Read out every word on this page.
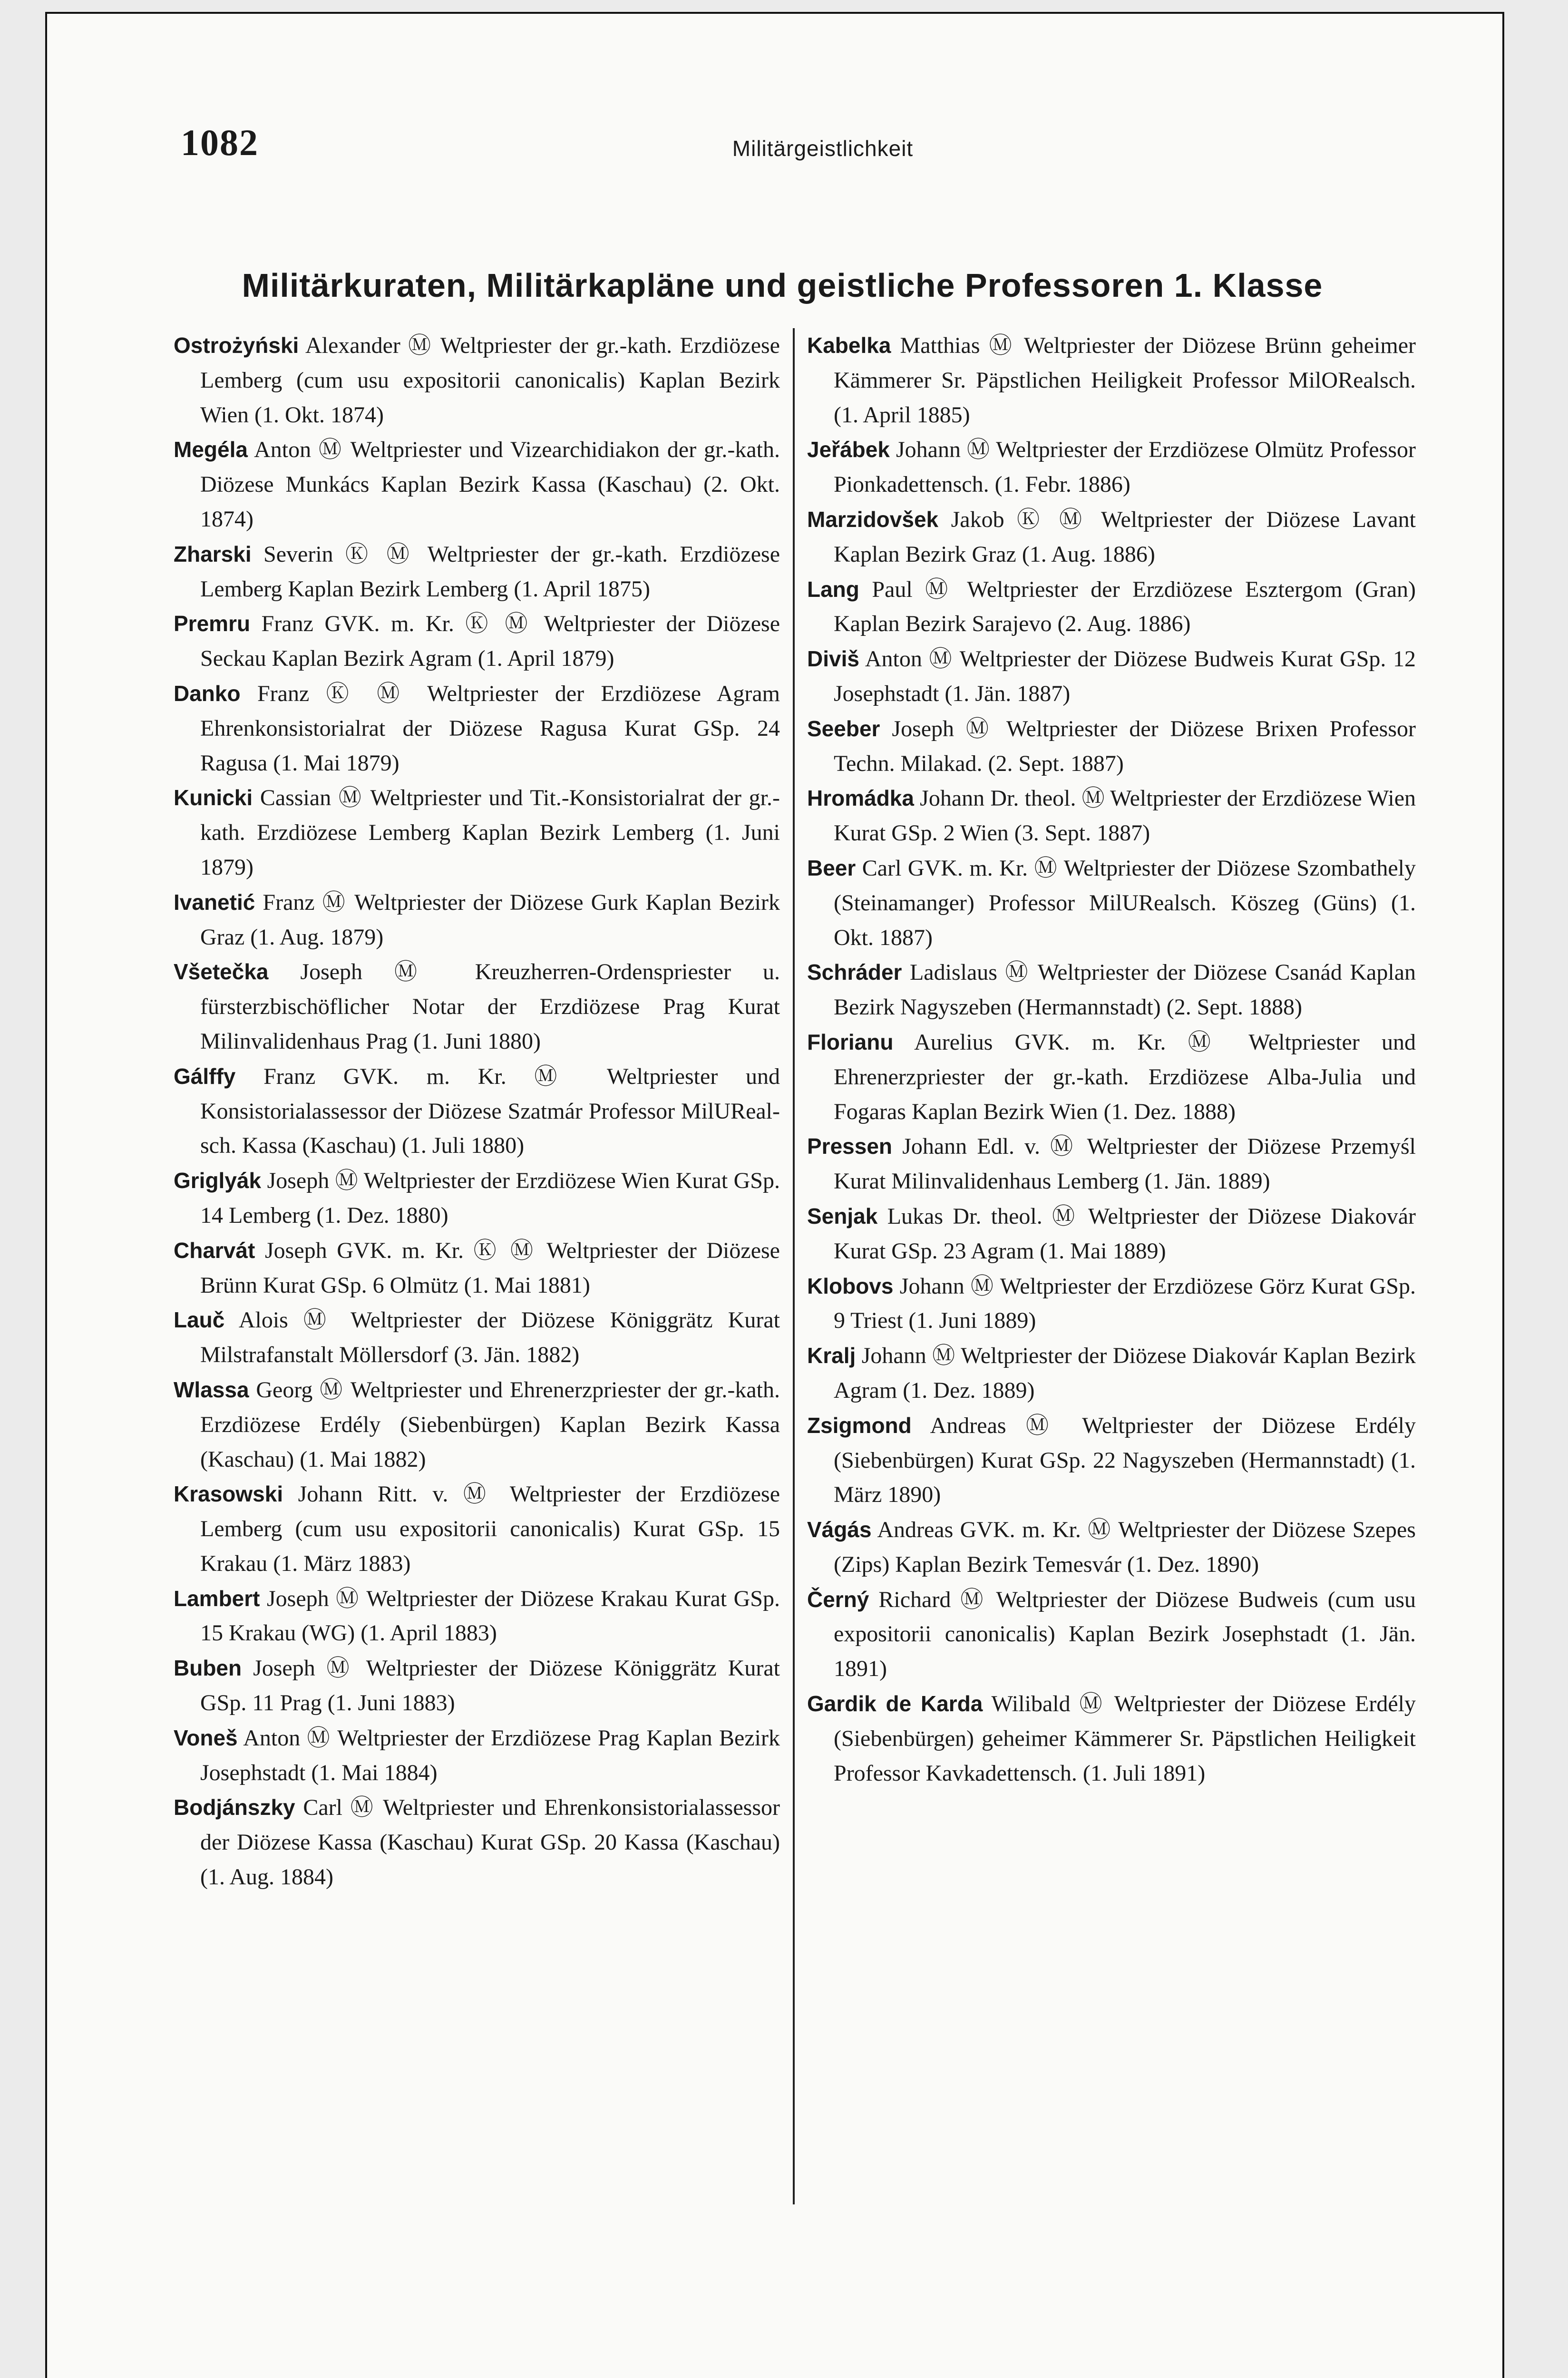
1082	Militärgeistlichkeit
Militärkuraten, Militärkapläne und geistliche Professoren 1. Klasse

Ostrożyński Alexander Ⓜ Weltpriester der gr.-kath. Erzdiözese Lemberg (cum usu expositorii canonicalis) Kaplan Bezirk Wien (1. Okt. 1874)

Megéla Anton Ⓜ Weltpriester und Vizearchidiakon der gr.-kath. Diözese Munkács Kaplan Bezirk Kassa (Kaschau) (2. Okt. 1874)

Zharski Severin Ⓚ Ⓜ Weltpriester der gr.-kath. Erzdiözese Lemberg Kaplan Bezirk Lemberg (1. April 1875)

Premru Franz GVK. m. Kr. Ⓚ Ⓜ Weltpriester der Diözese Seckau Kaplan Bezirk Agram (1. April 1879)

Danko Franz Ⓚ Ⓜ Weltpriester der Erzdiözese Agram Ehrenkonsistorialrat der Diözese Ragusa Kurat GSp. 24 Ragusa (1. Mai 1879)

Kunicki Cassian Ⓜ Weltpriester und Tit.-Konsistorialrat der gr.-kath. Erzdiözese Lemberg Kaplan Bezirk Lemberg (1. Juni 1879)

Ivanetić Franz Ⓜ Weltpriester der Diözese Gurk Kaplan Bezirk Graz (1. Aug. 1879)

Všetečka Joseph Ⓜ Kreuzherren-Ordenspriester u. fürsterzbischöflicher Notar der Erzdiözese Prag Kurat Milinvalidenhaus Prag (1. Juni 1880)

Gálffy Franz GVK. m. Kr. Ⓜ Weltpriester und Konsistorialassessor der Diözese Szatmár Professor MilURealsch. Kassa (Kaschau) (1. Juli 1880)

Griglyák Joseph Ⓜ Weltpriester der Erzdiözese Wien Kurat GSp. 14 Lemberg (1. Dez. 1880)

Charvát Joseph GVK. m. Kr. Ⓚ Ⓜ Weltpriester der Diözese Brünn Kurat GSp. 6 Olmütz (1. Mai 1881)

Lauč Alois Ⓜ Weltpriester der Diözese Königgrätz Kurat Milstrafanstalt Möllersdorf (3. Jän. 1882)

Wlassa Georg Ⓜ Weltpriester und Ehrenerzpriester der gr.-kath. Erzdiözese Erdély (Siebenbürgen) Kaplan Bezirk Kassa (Kaschau) (1. Mai 1882)

Krasowski Johann Ritt. v. Ⓜ Weltpriester der Erzdiözese Lemberg (cum usu expositorii canonicalis) Kurat GSp. 15 Krakau (1. März 1883)

Lambert Joseph Ⓜ Weltpriester der Diözese Krakau Kurat GSp. 15 Krakau (WG) (1. April 1883)

Buben Joseph Ⓜ Weltpriester der Diözese Königgrätz Kurat GSp. 11 Prag (1. Juni 1883)

Voneš Anton Ⓜ Weltpriester der Erzdiözese Prag Kaplan Bezirk Josephstadt (1. Mai 1884)

Bodjánszky Carl Ⓜ Weltpriester und Ehrenkonsistorialassessor der Diözese Kassa (Kaschau) Kurat GSp. 20 Kassa (Kaschau) (1. Aug. 1884)

Kabelka Matthias Ⓜ Weltpriester der Diözese Brünn geheimer Kämmerer Sr. Päpstlichen Heiligkeit Professor MilORealsch. (1. April 1885)

Jeřábek Johann Ⓜ Weltpriester der Erzdiözese Olmütz Professor Pionkadettensch. (1. Febr. 1886)

Marzidovšek Jakob Ⓚ Ⓜ Weltpriester der Diözese Lavant Kaplan Bezirk Graz (1. Aug. 1886)

Lang Paul Ⓜ Weltpriester der Erzdiözese Esztergom (Gran) Kaplan Bezirk Sarajevo (2. Aug. 1886)

Diviš Anton Ⓜ Weltpriester der Diözese Budweis Kurat GSp. 12 Josephstadt (1. Jän. 1887)

Seeber Joseph Ⓜ Weltpriester der Diözese Brixen Professor Techn. Milakad. (2. Sept. 1887)

Hromádka Johann Dr. theol. Ⓜ Weltpriester der Erzdiözese Wien Kurat GSp. 2 Wien (3. Sept. 1887)

Beer Carl GVK. m. Kr. Ⓜ Weltpriester der Diözese Szombathely (Steinamanger) Professor MilURealsch. Köszeg (Güns) (1. Okt. 1887)

Schráder Ladislaus Ⓜ Weltpriester der Diözese Csanád Kaplan Bezirk Nagyszeben (Hermannstadt) (2. Sept. 1888)

Florianu Aurelius GVK. m. Kr. Ⓜ Weltpriester und Ehrenerzpriester der gr.-kath. Erzdiözese Alba-Julia und Fogaras Kaplan Bezirk Wien (1. Dez. 1888)

Pressen Johann Edl. v. Ⓜ Weltpriester der Diözese Przemyśl Kurat Milinvalidenhaus Lemberg (1. Jän. 1889)

Senjak Lukas Dr. theol. Ⓜ Weltpriester der Diözese Diakovár Kurat GSp. 23 Agram (1. Mai 1889)

Klobovs Johann Ⓜ Weltpriester der Erzdiözese Görz Kurat GSp. 9 Triest (1. Juni 1889)

Kralj Johann Ⓜ Weltpriester der Diözese Diakovár Kaplan Bezirk Agram (1. Dez. 1889)

Zsigmond Andreas Ⓜ Weltpriester der Diözese Erdély (Siebenbürgen) Kurat GSp. 22 Nagyszeben (Hermannstadt) (1. März 1890)

Vágás Andreas GVK. m. Kr. Ⓜ Weltpriester der Diözese Szepes (Zips) Kaplan Bezirk Temesvár (1. Dez. 1890)

Černý Richard Ⓜ Weltpriester der Diözese Budweis (cum usu expositorii canonicalis) Kaplan Bezirk Josephstadt (1. Jän. 1891)

Gardik de Karda Wilibald Ⓜ Weltpriester der Diözese Erdély (Siebenbürgen) geheimer Kämmerer Sr. Päpstlichen Heiligkeit Professor Kavkadettensch. (1. Juli 1891)
